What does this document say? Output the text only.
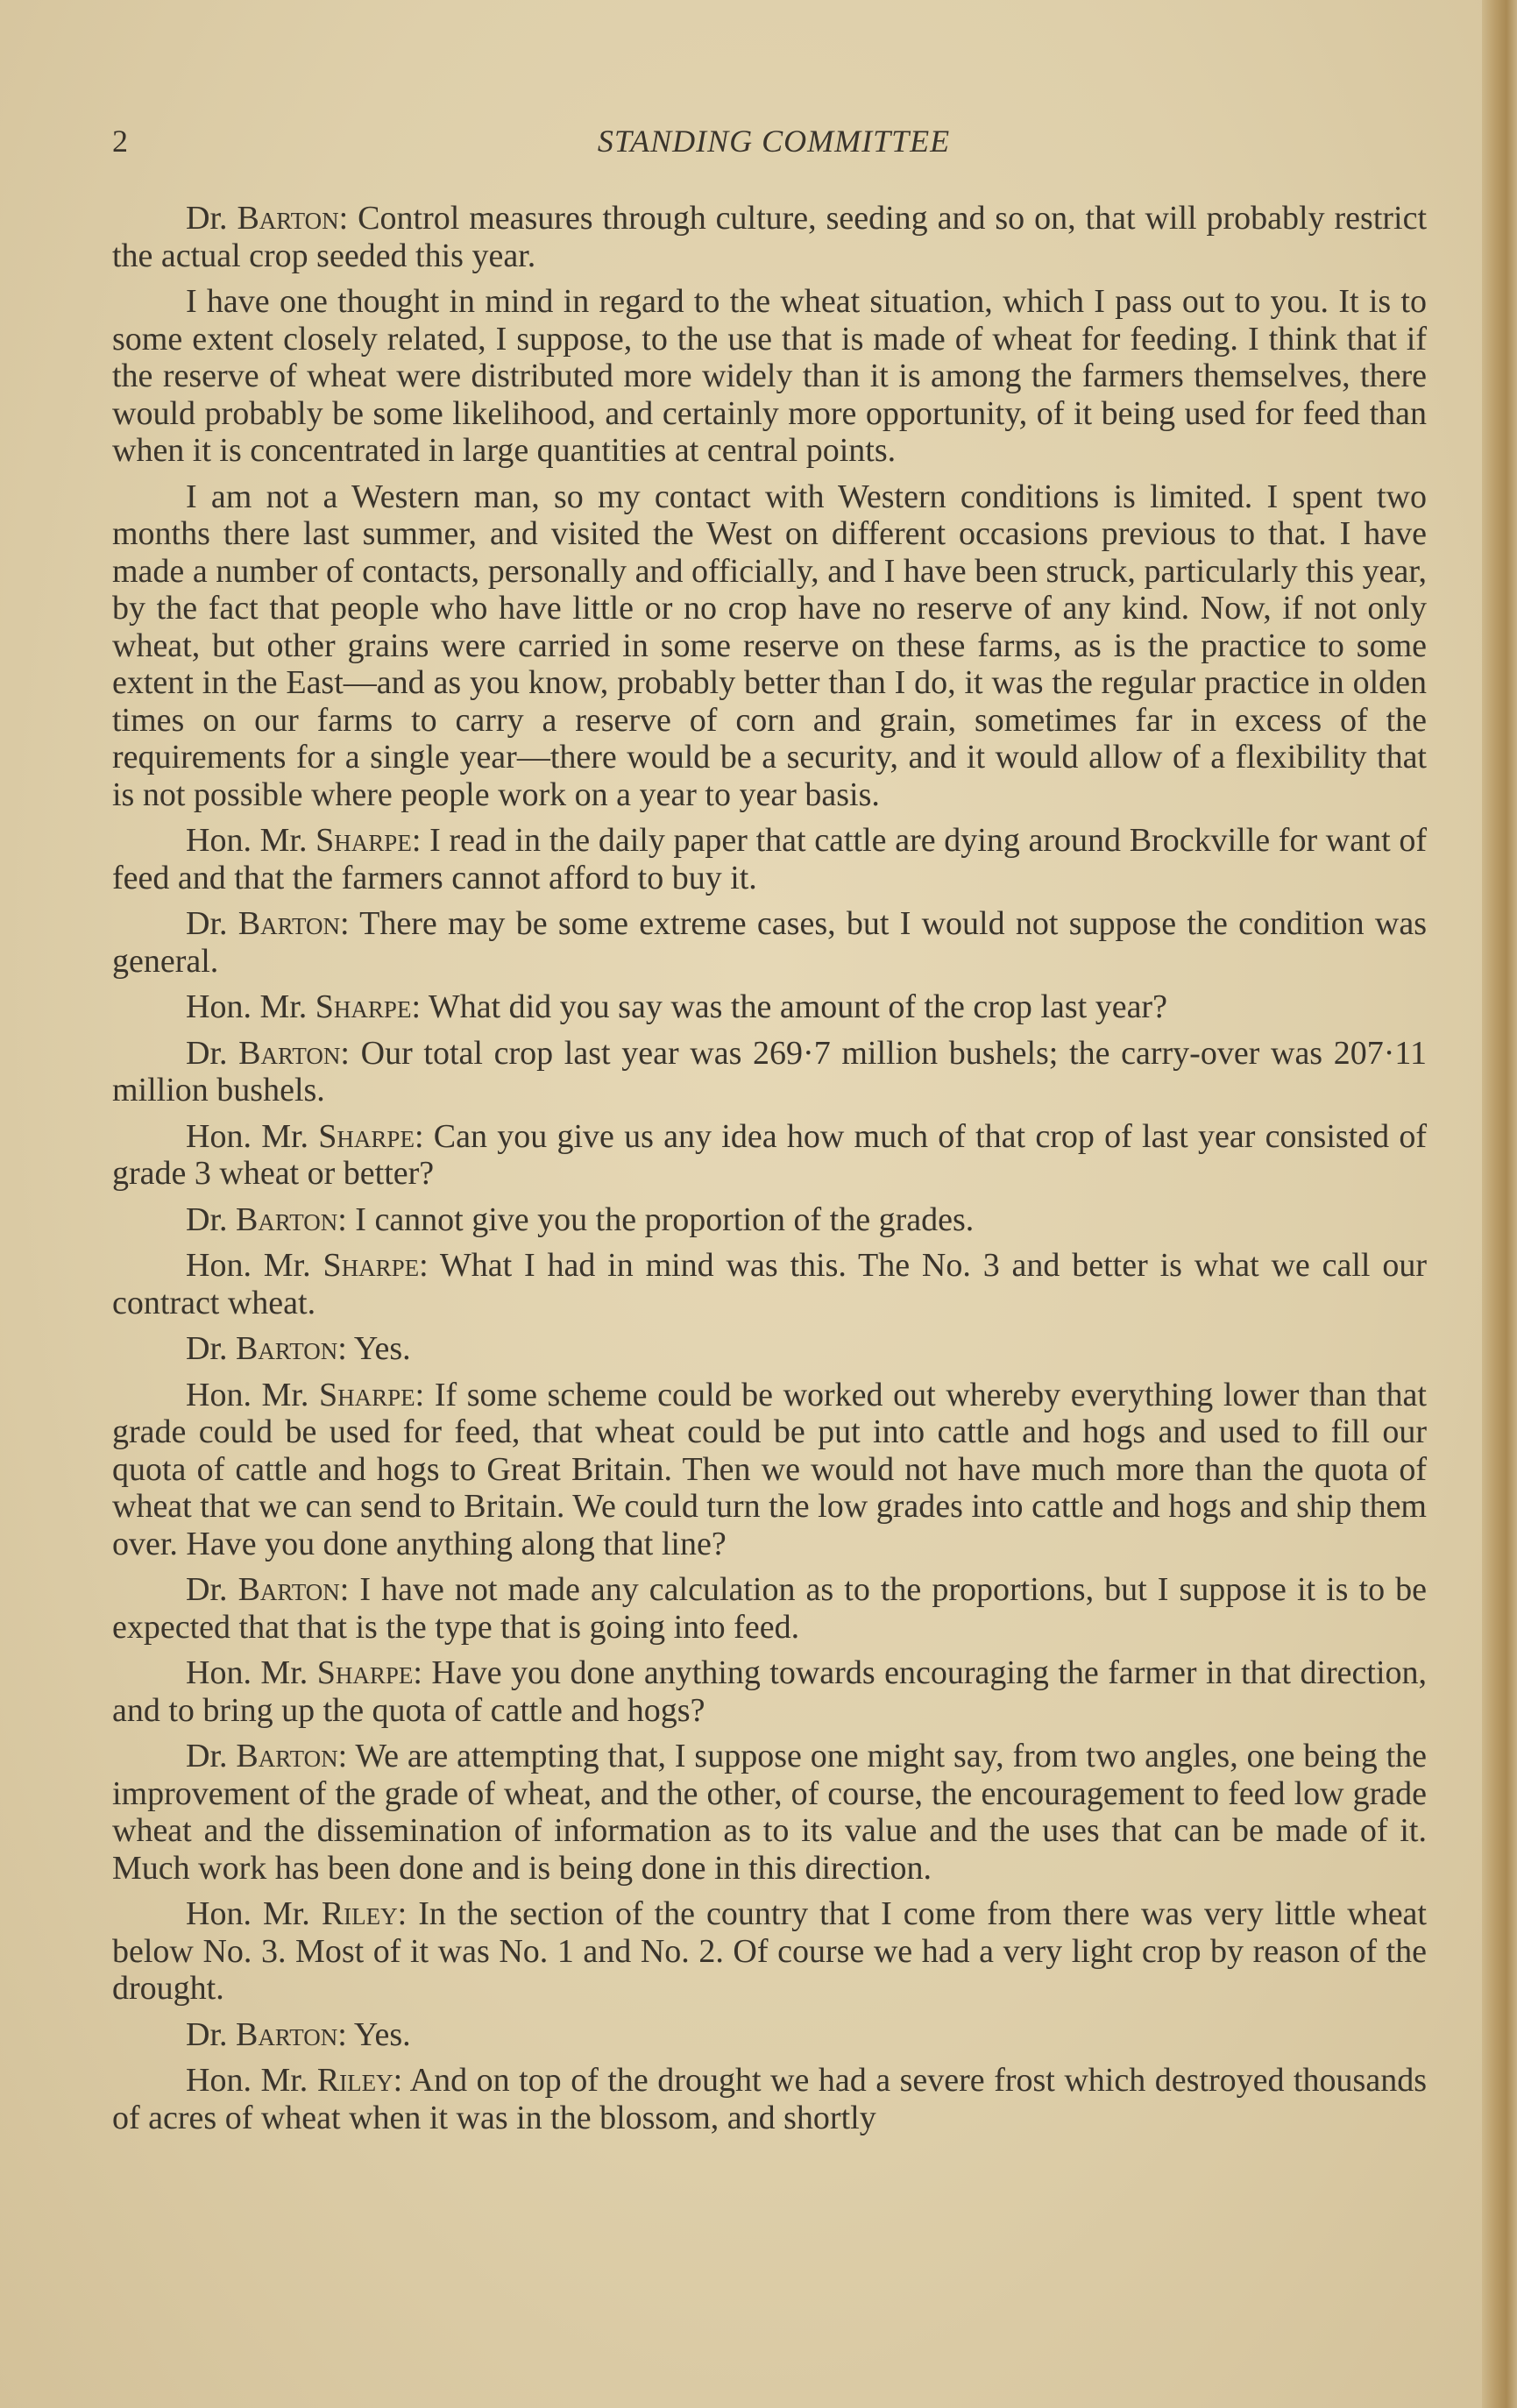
2	STANDING COMMITTEE

Dr. Barton: Control measures through culture, seeding and so on, that will probably restrict the actual crop seeded this year.

I have one thought in mind in regard to the wheat situation, which I pass out to you. It is to some extent closely related, I suppose, to the use that is made of wheat for feeding. I think that if the reserve of wheat were distributed more widely than it is among the farmers themselves, there would probably be some likelihood, and certainly more opportunity, of it being used for feed than when it is concentrated in large quantities at central points.

I am not a Western man, so my contact with Western conditions is limited. I spent two months there last summer, and visited the West on different occasions previous to that. I have made a number of contacts, personally and officially, and I have been struck, particularly this year, by the fact that people who have little or no crop have no reserve of any kind. Now, if not only wheat, but other grains were carried in some reserve on these farms, as is the practice to some extent in the East—and as you know, probably better than I do, it was the regular practice in olden times on our farms to carry a reserve of corn and grain, sometimes far in excess of the requirements for a single year—there would be a security, and it would allow of a flexibility that is not possible where people work on a year to year basis.

Hon. Mr. Sharpe: I read in the daily paper that cattle are dying around Brockville for want of feed and that the farmers cannot afford to buy it.

Dr. Barton: There may be some extreme cases, but I would not suppose the condition was general.

Hon. Mr. Sharpe: What did you say was the amount of the crop last year?

Dr. Barton: Our total crop last year was 269·7 million bushels; the carry-over was 207·11 million bushels.

Hon. Mr. Sharpe: Can you give us any idea how much of that crop of last year consisted of grade 3 wheat or better?

Dr. Barton: I cannot give you the proportion of the grades.

Hon. Mr. Sharpe: What I had in mind was this. The No. 3 and better is what we call our contract wheat.

Dr. Barton: Yes.

Hon. Mr. Sharpe: If some scheme could be worked out whereby everything lower than that grade could be used for feed, that wheat could be put into cattle and hogs and used to fill our quota of cattle and hogs to Great Britain. Then we would not have much more than the quota of wheat that we can send to Britain. We could turn the low grades into cattle and hogs and ship them over. Have you done anything along that line?

Dr. Barton: I have not made any calculation as to the proportions, but I suppose it is to be expected that that is the type that is going into feed.

Hon. Mr. Sharpe: Have you done anything towards encouraging the farmer in that direction, and to bring up the quota of cattle and hogs?

Dr. Barton: We are attempting that, I suppose one might say, from two angles, one being the improvement of the grade of wheat, and the other, of course, the encouragement to feed low grade wheat and the dissemination of information as to its value and the uses that can be made of it. Much work has been done and is being done in this direction.

Hon. Mr. Riley: In the section of the country that I come from there was very little wheat below No. 3. Most of it was No. 1 and No. 2. Of course we had a very light crop by reason of the drought.

Dr. Barton: Yes.

Hon. Mr. Riley: And on top of the drought we had a severe frost which destroyed thousands of acres of wheat when it was in the blossom, and shortly
